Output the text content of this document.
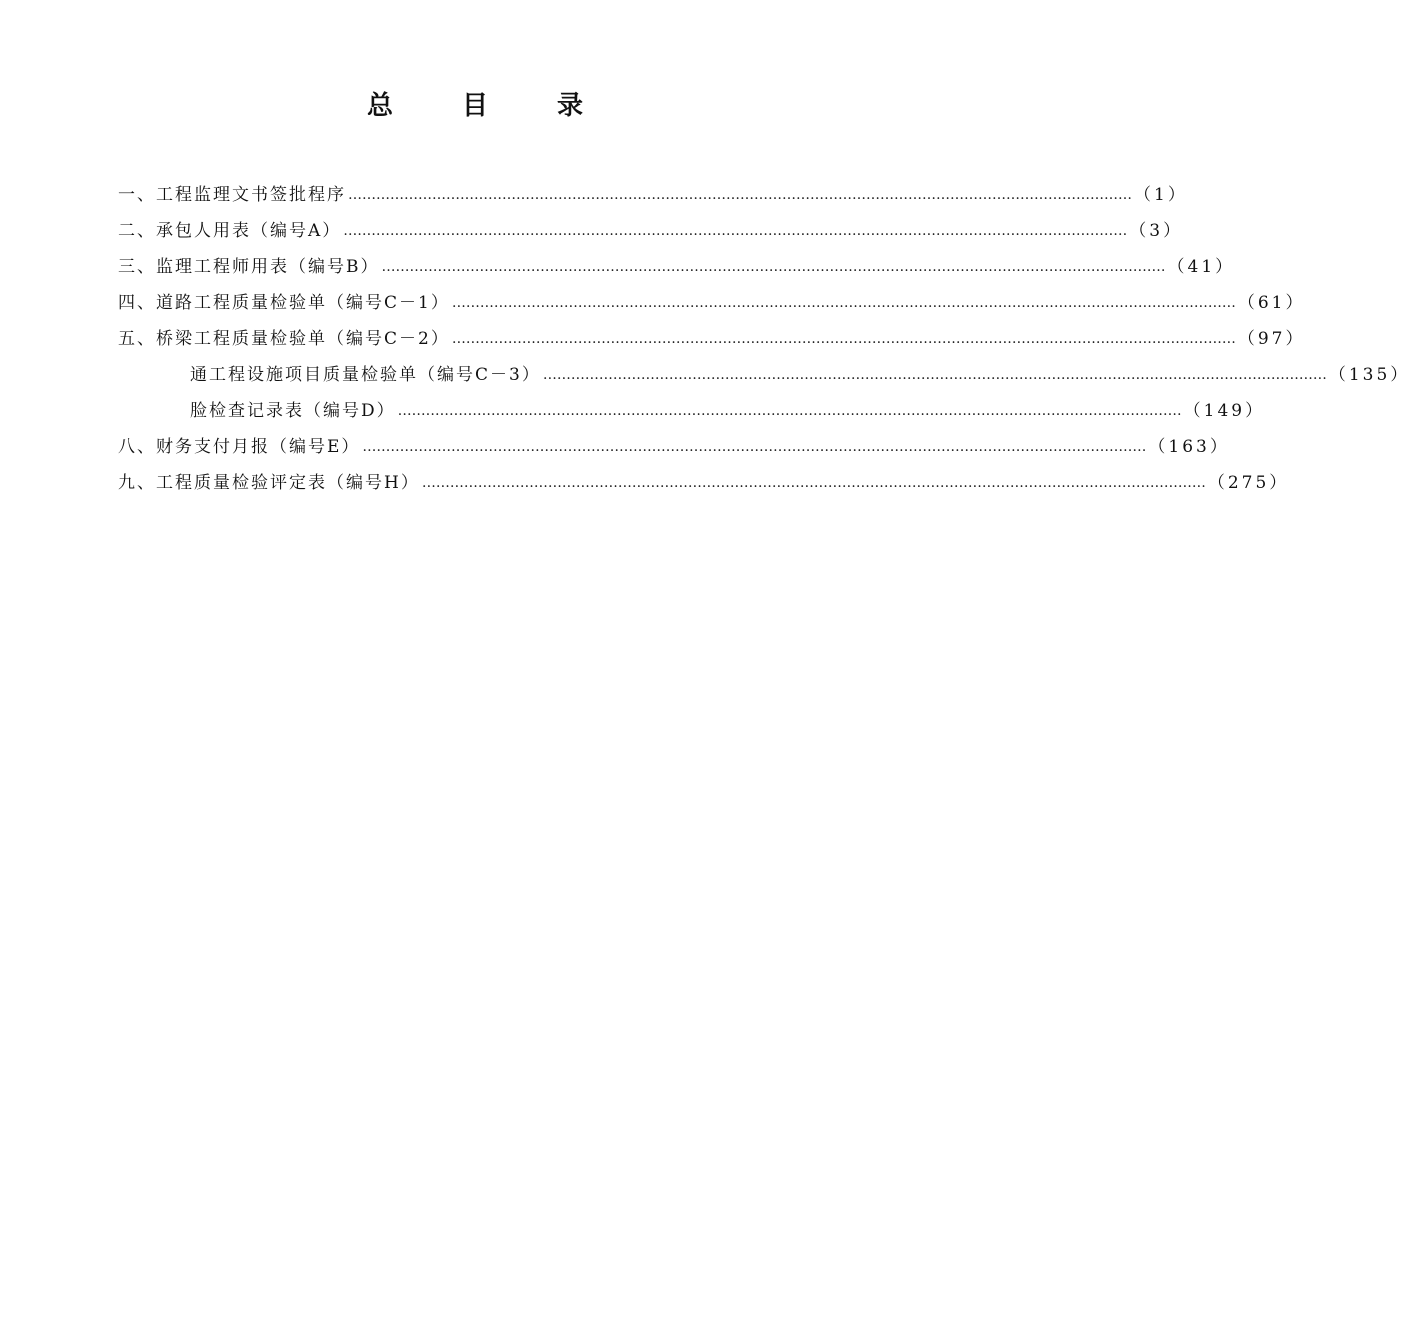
总 目 录
一、 工程监理文书签批程序 …………………………………………………………………………………………………………………………………………………… （1）
二、 承包人用表（编号A） …………………………………………………………………………………………………………………………………………………… （3）
三、 监理工程师用表（编号B） …………………………………………………………………………………………………………………………………………………… （41）
四、 道路工程质量检验单（编号C－1） …………………………………………………………………………………………………………………………………………………… （61）
五、 桥梁工程质量检验单（编号C－2） …………………………………………………………………………………………………………………………………………………… （97）
通工程设施项目质量检验单（编号C－3） …………………………………………………………………………………………………………………………………………………… （135）
脸检查记录表（编号D） …………………………………………………………………………………………………………………………………………………… （149）
八、 财务支付月报（编号E） …………………………………………………………………………………………………………………………………………………… （163）
九、 工程质量检验评定表（编号H） …………………………………………………………………………………………………………………………………………………… （275）
